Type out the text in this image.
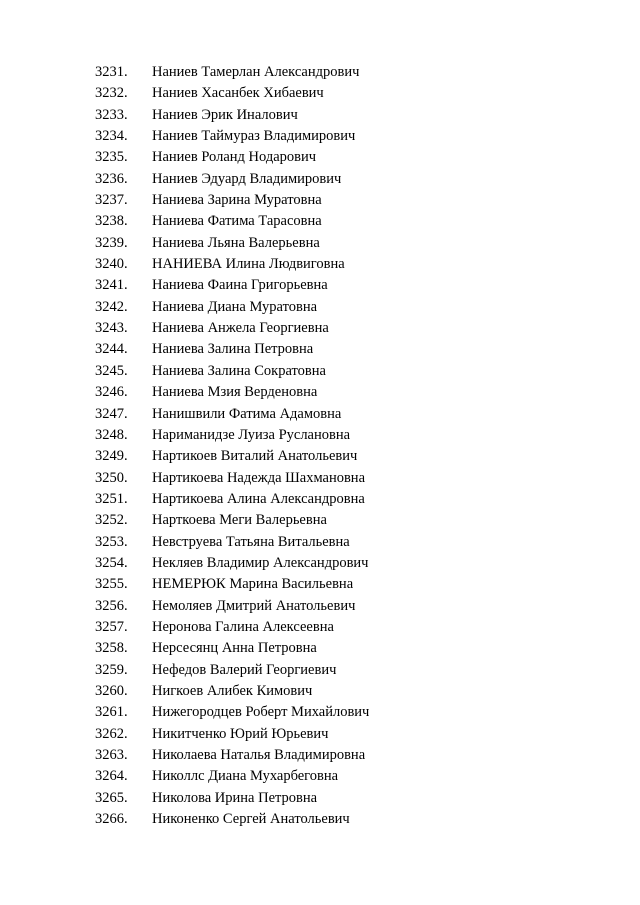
3231. Наниев Тамерлан Александрович
3232. Наниев Хасанбек Хибаевич
3233. Наниев Эрик Иналович
3234. Наниев Таймураз Владимирович
3235. Наниев Роланд Нодарович
3236. Наниев Эдуард Владимирович
3237. Наниева Зарина Муратовна
3238. Наниева Фатима Тарасовна
3239. Наниева Льяна Валерьевна
3240. НАНИЕВА Илина Людвиговна
3241. Наниева Фаина Григорьевна
3242. Наниева Диана Муратовна
3243. Наниева Анжела Георгиевна
3244. Наниева Залина Петровна
3245. Наниева Залина Сократовна
3246. Наниева Мзия Верденовна
3247. Нанишвили Фатима Адамовна
3248. Нариманидзе Луиза Руслановна
3249. Нартикоев Виталий Анатольевич
3250. Нартикоева Надежда Шахмановна
3251. Нартикоева Алина Александровна
3252. Нарткоева Меги Валерьевна
3253. Невструева Татьяна Витальевна
3254. Некляев Владимир Александрович
3255. НЕМЕРЮК Марина Васильевна
3256. Немоляев Дмитрий Анатольевич
3257. Неронова Галина Алексеевна
3258. Нерсесянц Анна Петровна
3259. Нефедов Валерий Георгиевич
3260. Нигкоев Алибек Кимович
3261. Нижегородцев Роберт Михайлович
3262. Никитченко Юрий Юрьевич
3263. Николаева Наталья Владимировна
3264. Николлс Диана Мухарбеговна
3265. Николова Ирина Петровна
3266. Никоненко Сергей Анатольевич
